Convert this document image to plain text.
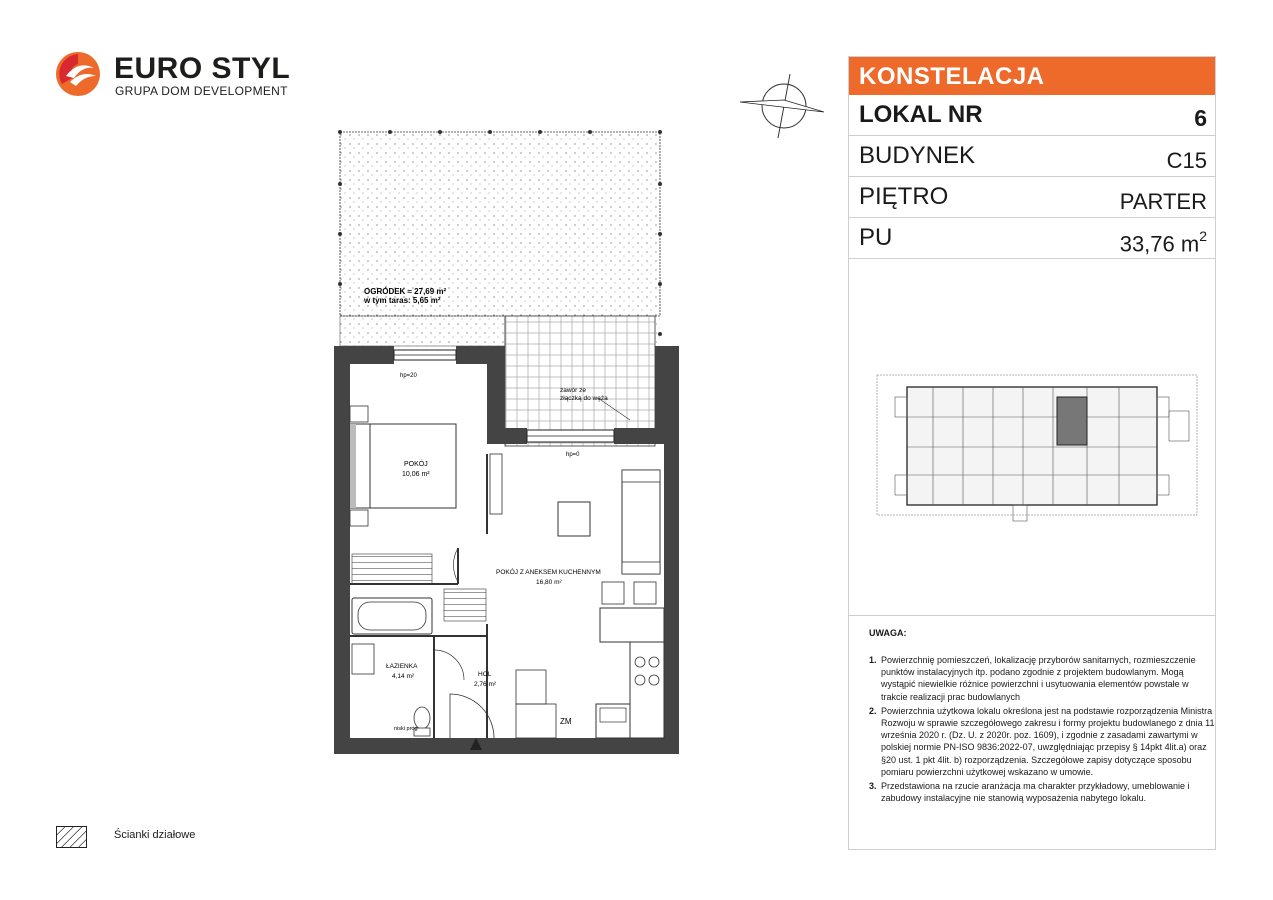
EURO STYL
GRUPA DOM DEVELOPMENT
OGRÓDEK ≈ 27,69 m²
w tym taras: 5,65 m²
zawór ze
złączką do węża
hp=20
hp=0
POKÓJ
10,06 m²
POKÓJ Z ANEKSEM KUCHENNYM
16,80 m²
ZM
ŁAZIENKA
4,14 m²
niski próg
HOL
2,76 m²
KONSTELACJA
LOKAL NR	6
BUDYNEK	C15
PIĘTRO	PARTER
PU	33,76 $m^2$
UWAGA:
1. Powierzchnię pomieszczeń, lokalizację przyborów sanitarnych, rozmieszczenie punktów instalacyjnych itp. podano zgodnie z projektem budowlanym. Mogą wystąpić niewielkie różnice powierzchni i usytuowania elementów powstałe w trakcie realizacji prac budowlanych
2. Powierzchnia użytkowa lokalu określona jest na podstawie rozporządzenia Ministra Rozwoju w sprawie szczegółowego zakresu i formy projektu budowlanego z dnia 11 września 2020 r. (Dz. U. z 2020r. poz. 1609), i zgodnie z zasadami zawartymi w polskiej normie PN-ISO 9836:2022-07, uwzględniając przepisy § 14pkt 4lit.a) oraz §20 ust. 1 pkt 4lit. b) rozporządzenia. Szczegółowe zapisy dotyczące sposobu pomiaru powierzchni użytkowej wskazano w umowie.
3. Przedstawiona na rzucie aranżacja ma charakter przykładowy, umeblowanie i zabudowy instalacyjne nie stanowią wyposażenia nabytego lokalu.
Ścianki działowe
